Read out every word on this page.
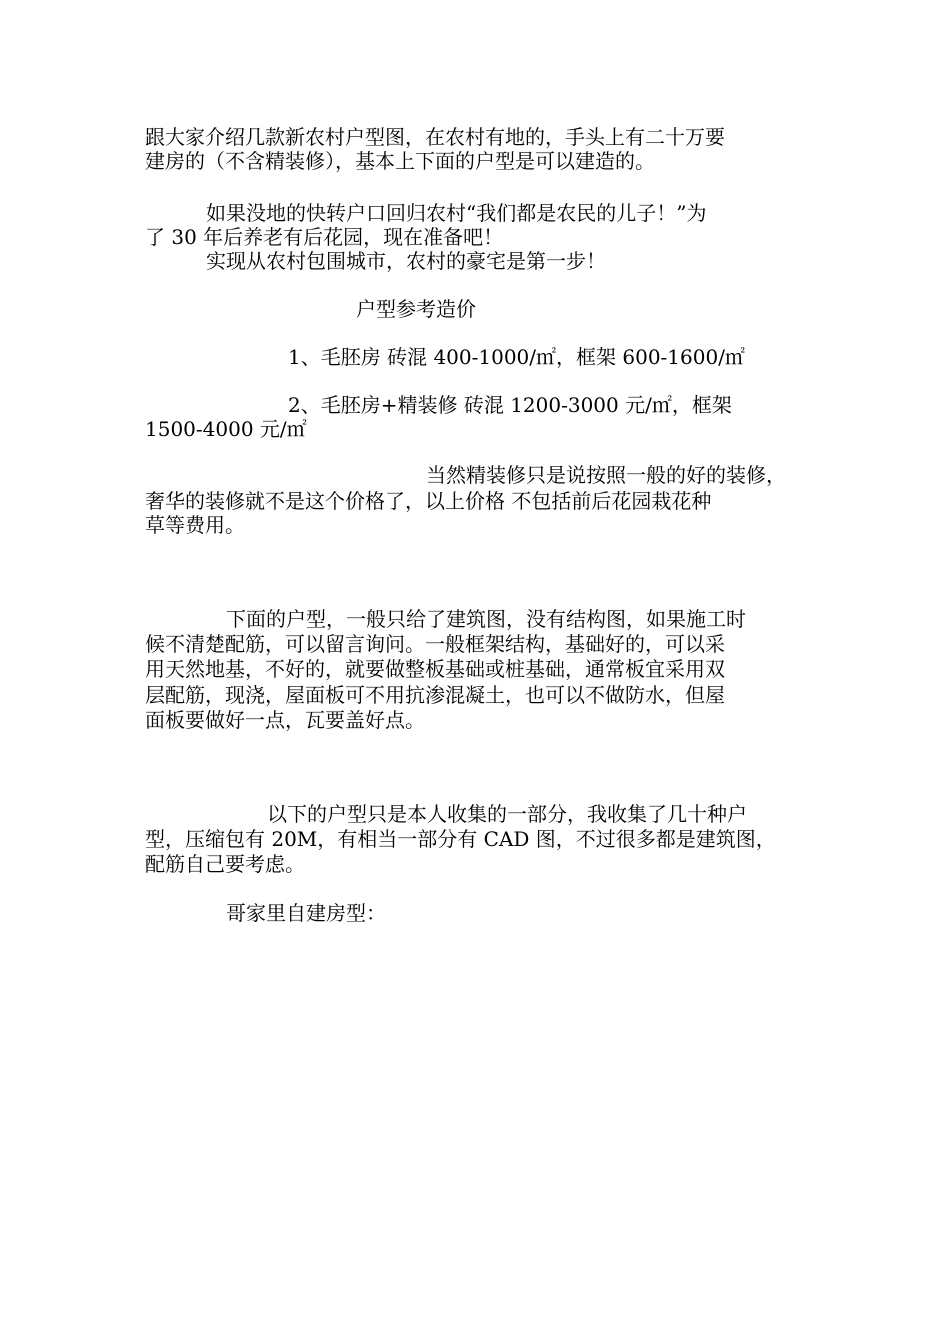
跟大家介绍几款新农村户型图，在农村有地的，手头上有二十万要

建房的（不含精装修），基本上下面的户型是可以建造的。

如果没地的快转户口回归农村“我们都是农民的儿子！”为

了 30 年后养老有后花园，现在准备吧！

实现从农村包围城市，农村的豪宅是第一步！

户型参考造价

1、毛胚房 砖混 400-1000/㎡，框架 600-1600/㎡

2、毛胚房+精装修 砖混 1200-3000 元/㎡，框架

1500-4000 元/㎡

当然精装修只是说按照一般的好的装修，

奢华的装修就不是这个价格了，以上价格 不包括前后花园栽花种

草等费用。

下面的户型，一般只给了建筑图，没有结构图，如果施工时

候不清楚配筋，可以留言询问。一般框架结构，基础好的，可以采

用天然地基，不好的，就要做整板基础或桩基础，通常板宜采用双

层配筋，现浇，屋面板可不用抗渗混凝土，也可以不做防水，但屋

面板要做好一点，瓦要盖好点。

以下的户型只是本人收集的一部分，我收集了几十种户

型，压缩包有 20M，有相当一部分有 CAD 图，不过很多都是建筑图，

配筋自己要考虑。

哥家里自建房型：
